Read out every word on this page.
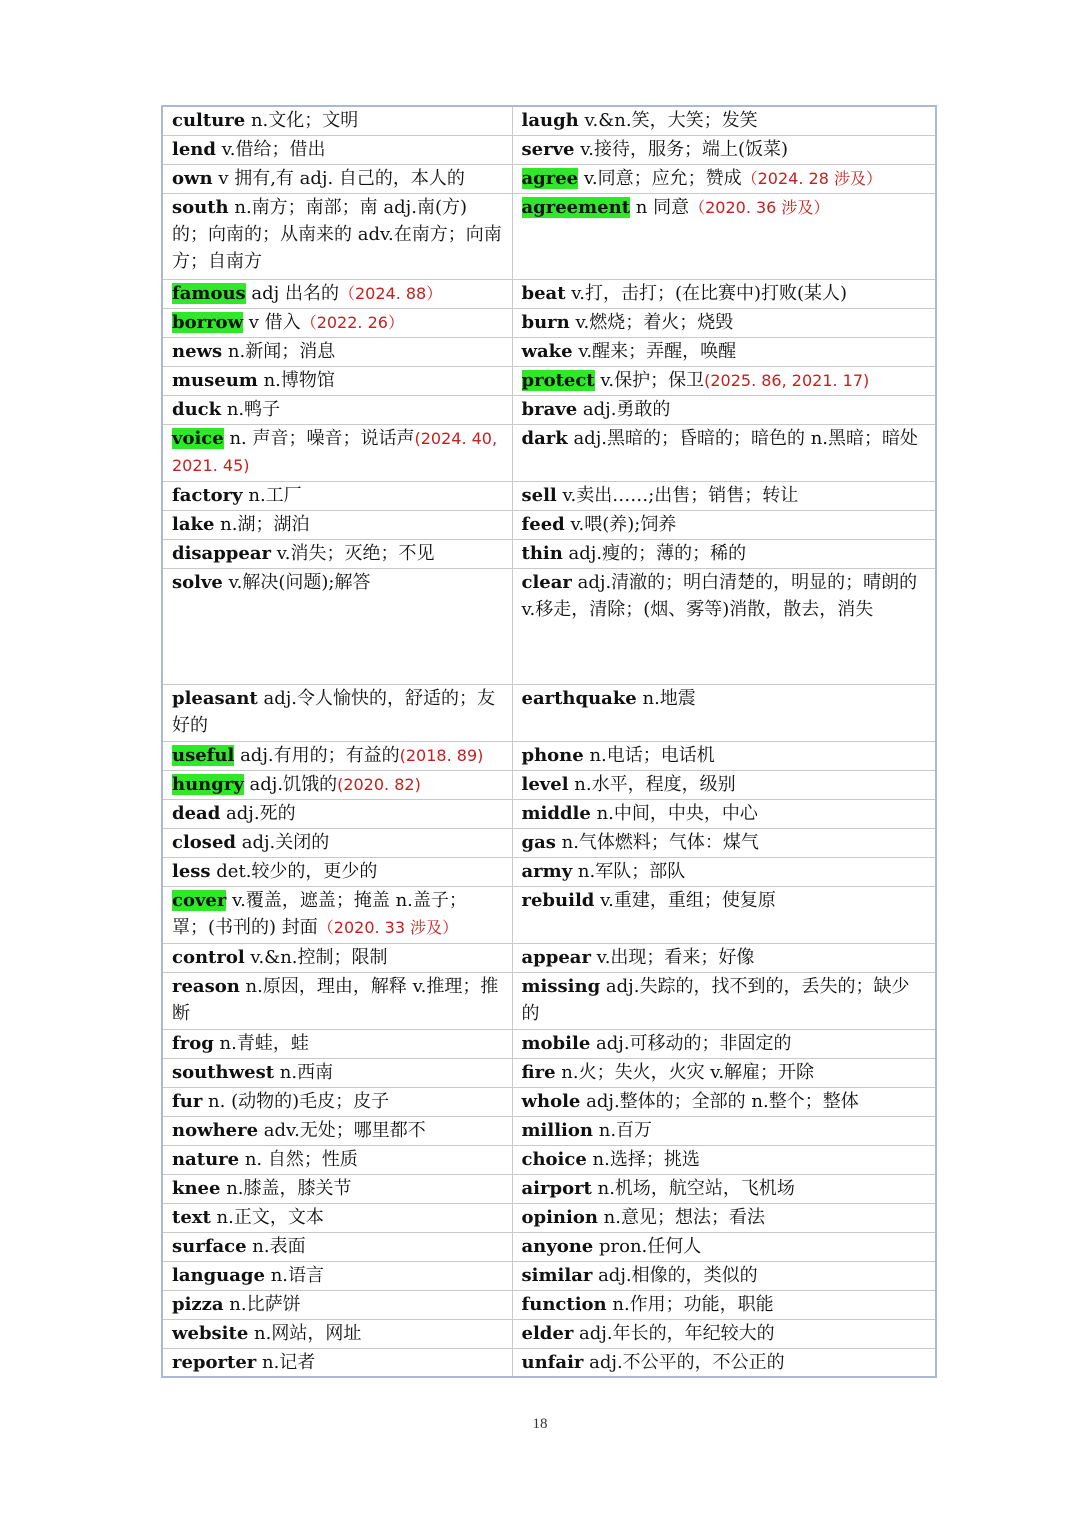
culture n.文化；文明	laugh v.&n.笑，大笑；发笑
lend v.借给；借出	serve v.接待，服务；端上(饭菜)
own v 拥有,有 adj. 自己的，本人的	agree v.同意；应允；赞成（2024. 28 涉及）
south n.南方；南部；南 adj.南(方)的；向南的；从南来的 adv.在南方；向南方；自南方	agreement n 同意（2020. 36 涉及）
famous adj 出名的（2024. 88）	beat v.打，击打；(在比赛中)打败(某人)
borrow v 借入（2022. 26）	burn v.燃烧；着火；烧毁
news n.新闻；消息	wake v.醒来；弄醒，唤醒
museum n.博物馆	protect v.保护；保卫(2025. 86, 2021. 17)
duck n.鸭子	brave adj.勇敢的
voice n. 声音；噪音；说话声(2024. 40, 2021. 45)	dark adj.黑暗的；昏暗的；暗色的 n.黑暗；暗处
factory n.工厂	sell v.卖出……;出售；销售；转让
lake n.湖；湖泊	feed v.喂(养);饲养
disappear v.消失；灭绝；不见	thin adj.瘦的；薄的；稀的
solve v.解决(问题);解答	clear adj.清澈的；明白清楚的，明显的；晴朗的 v.移走，清除；(烟、雾等)消散，散去，消失
pleasant adj.令人愉快的，舒适的；友好的	earthquake n.地震
useful adj.有用的；有益的(2018. 89)	phone n.电话；电话机
hungry adj.饥饿的(2020. 82)	level n.水平，程度，级别
dead adj.死的	middle n.中间，中央，中心
closed adj.关闭的	gas n.气体燃料；气体：煤气
less det.较少的，更少的	army n.军队；部队
cover v.覆盖，遮盖；掩盖 n.盖子；罩；(书刊的) 封面（2020. 33 涉及）	rebuild v.重建，重组；使复原
control v.&n.控制；限制	appear v.出现；看来；好像
reason n.原因，理由，解释 v.推理；推断	missing adj.失踪的，找不到的，丢失的；缺少的
frog n.青蛙，蛙	mobile adj.可移动的；非固定的
southwest n.西南	fire n.火；失火，火灾 v.解雇；开除
fur n. (动物的)毛皮；皮子	whole adj.整体的；全部的 n.整个；整体
nowhere adv.无处；哪里都不	million n.百万
nature n. 自然；性质	choice n.选择；挑选
knee n.膝盖，膝关节	airport n.机场，航空站，飞机场
text n.正文，文本	opinion n.意见；想法；看法
surface n.表面	anyone pron.任何人
language n.语言	similar adj.相像的，类似的
pizza n.比萨饼	function n.作用；功能，职能
website n.网站，网址	elder adj.年长的，年纪较大的
reporter n.记者	unfair adj.不公平的，不公正的
18
